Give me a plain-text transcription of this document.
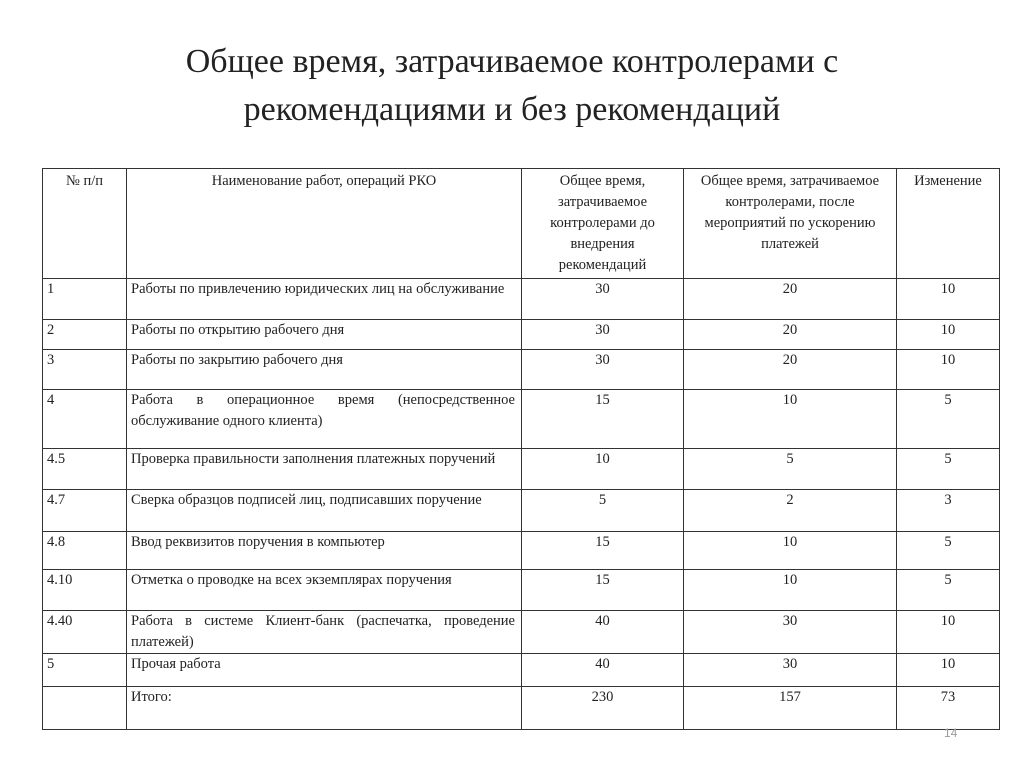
Общее время, затрачиваемое контролерами с
рекомендациями и без рекомендаций
№ п/п	Наименование работ, операций РКО	Общее время, затрачиваемое контролерами до внедрения рекомендаций	Общее время, затрачиваемое контролерами, после мероприятий по ускорению платежей	Изменение
1	Работы по привлечению юридических лиц на обслуживание	30	20	10
2	Работы по открытию рабочего дня	30	20	10
3	Работы по закрытию рабочего дня	30	20	10
4	Работа в операционное время (непосредственное обслуживание одного клиента)	15	10	5
4.5	Проверка правильности заполнения платежных поручений	10	5	5
4.7	Сверка образцов подписей лиц, подписавших поручение	5	2	3
4.8	Ввод реквизитов поручения в компьютер	15	10	5
4.10	Отметка о проводке на всех экземплярах поручения	15	10	5
4.40	Работа в системе Клиент-банк (распечатка, проведение платежей)	40	30	10
5	Прочая работа	40	30	10
	Итого:	230	157	73
14
